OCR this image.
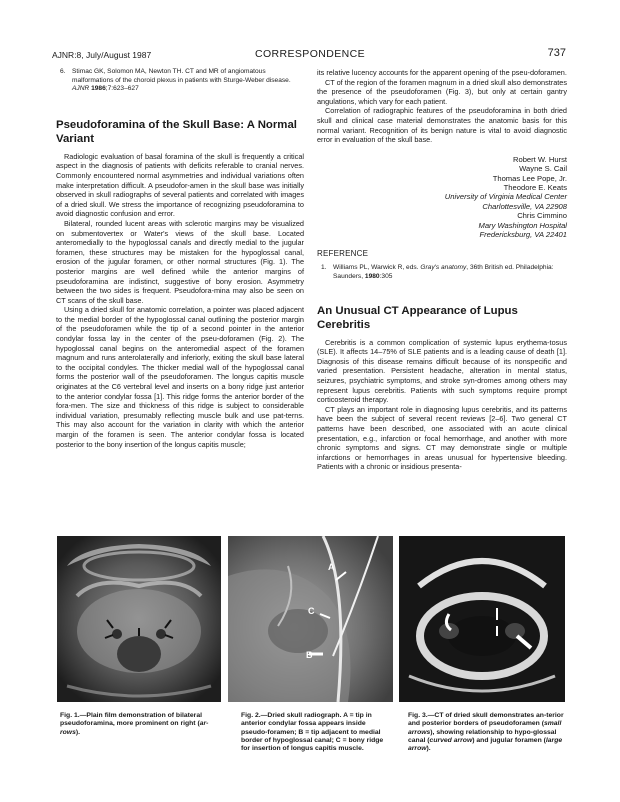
AJNR:8, July/August 1987	CORRESPONDENCE	737
6. Stimac GK, Solomon MA, Newton TH. CT and MR of angiomatous malformations of the choroid plexus in patients with Sturge-Weber disease. AJNR 1986;7:623–627
Pseudoforamina of the Skull Base: A Normal Variant

Radiologic evaluation of basal foramina of the skull is frequently a critical aspect in the diagnosis of patients with deficits referable to cranial nerves. Commonly encountered normal asymmetries and individual variations often make interpretation difficult. A pseudofor-amen in the skull base was initially observed in skull radiographs of several patients and correlated with images of a dried skull. We stress the importance of recognizing pseudoforamina to avoid diagnostic confusion and error.

Bilateral, rounded lucent areas with sclerotic margins may be visualized on submentovertex or Water's views of the skull base. Located anteromedially to the hypoglossal canals and directly medial to the jugular foramen, these structures may be mistaken for the hypoglossal canal, erosion of the jugular foramen, or other normal structures (Fig. 1). The posterior margins are well defined while the anterior margins of pseudoforamina are indistinct, suggestive of bony erosion. Asymmetry between the two sides is frequent. Pseudofora-mina may also be seen on CT scans of the skull base.

Using a dried skull for anatomic correlation, a pointer was placed adjacent to the medial border of the hypoglossal canal outlining the posterior margin of the pseudoforamen while the tip of a second pointer in the anterior condylar fossa lay in the center of the pseu-doforamen (Fig. 2). The hypoglossal canal begins on the anteromedial aspect of the foramen magnum and runs anterolaterally and inferiorly, exiting the skull base lateral to the occipital condyles. The thicker medial wall of the hypoglossal canal forms the posterior wall of the pseudoforamen. The longus capitis muscle originates at the C6 vertebral level and inserts on a bony ridge just anterior to the anterior condylar fossa [1]. This ridge forms the anterior border of the fora-men. The size and thickness of this ridge is subject to considerable individual variation, presumably reflecting muscle bulk and use pat-terns. This may also account for the variation in clarity with which the anterior margin of the foramen is seen. The anterior condylar fossa is located posterior to the bony insertion of the longus capitis muscle;

its relative lucency accounts for the apparent opening of the pseu-doforamen.

CT of the region of the foramen magnum in a dried skull also demonstrates the presence of the pseudoforamen (Fig. 3), but only at certain gantry angulations, which vary for each patient.

Correlation of radiographic features of the pseudoforamina in both dried skull and clinical case material demonstrates the anatomic basis for this normal variant. Recognition of its benign nature is vital to avoid diagnostic error in evaluation of the skull base.

Robert W. Hurst
Wayne S. Cail
Thomas Lee Pope, Jr.
Theodore E. Keats
University of Virginia Medical Center
Charlottesville, VA 22908
Chris Cimmino
Mary Washington Hospital
Fredericksburg, VA 22401
REFERENCE
1. Williams PL, Warwick R, eds. Gray's anatomy, 36th British ed. Philadelphia: Saunders, 1980:305
An Unusual CT Appearance of Lupus Cerebritis

Cerebritis is a common complication of systemic lupus erythema-tosus (SLE). It affects 14–75% of SLE patients and is a leading cause of death [1]. Diagnosis of this disease remains difficult because of its nonspecific and varied presentation. Persistent headache, alteration in mental status, seizures, psychiatric symptoms, and stroke syn-dromes among others may represent lupus cerebritis. Patients with such symptoms require prompt corticosteroid therapy.

CT plays an important role in diagnosing lupus cerebritis, and its patterns have been the subject of several recent reviews [2–6]. Two general CT patterns have been described, one associated with an acute clinical presentation, e.g., infarction or focal hemorrhage, and another with more chronic symptoms and signs. CT may demonstrate single or multiple infarctions or hemorrhages in areas unusual for hypertensive bleeding. Patients with a chronic or insidious presenta-

A
C
B
Fig. 1.—Plain film demonstration of bilateral pseudoforamina, more prominent on right (ar-rows).
Fig. 2.—Dried skull radiograph. A = tip in anterior condylar fossa appears inside pseudo-foramen; B = tip adjacent to medial border of hypoglossal canal; C = bony ridge for insertion of longus capitis muscle.
Fig. 3.—CT of dried skull demonstrates an-terior and posterior borders of pseudoforamen (small arrows), showing relationship to hypo-glossal canal (curved arrow) and jugular foramen (large arrow).
